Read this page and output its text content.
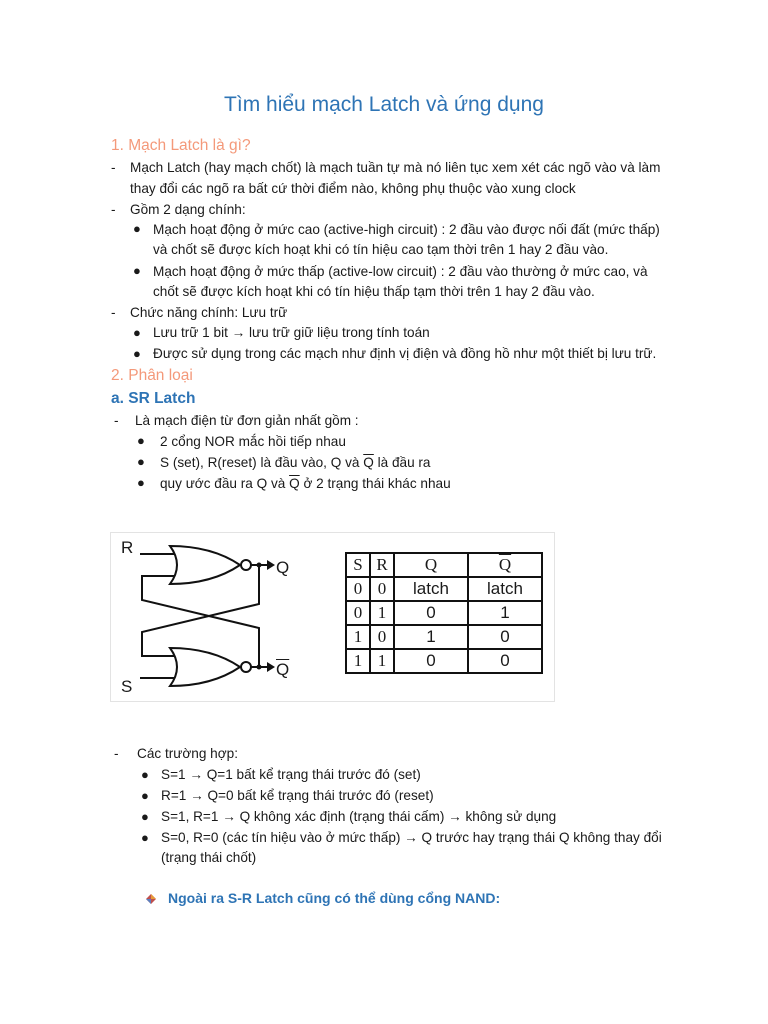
Tìm hiểu mạch Latch và ứng dụng
1. Mạch Latch là gì?
- Mạch Latch (hay mạch chốt) là mạch tuần tự mà nó liên tục xem xét các ngõ vào và làm
thay đổi các ngõ ra bất cứ thời điểm nào, không phụ thuộc vào xung clock
- Gồm 2 dạng chính:
● Mạch hoạt động ở mức cao (active-high circuit) : 2 đầu vào được nối đất (mức thấp)
và chốt sẽ được kích hoạt khi có tín hiệu cao tạm thời trên 1 hay 2 đầu vào.
● Mạch hoạt động ở mức thấp (active-low circuit) : 2 đầu vào thường ở mức cao, và
chốt sẽ được kích hoạt khi có tín hiệu thấp tạm thời trên 1 hay 2 đầu vào.
- Chức năng chính: Lưu trữ
● Lưu trữ 1 bit → lưu trữ giữ liệu trong tính toán
● Được sử dụng trong các mạch như định vị điện và đồng hồ như một thiết bị lưu trữ.
2. Phân loại
a. SR Latch
- Là mạch điện từ đơn giản nhất gồm :
● 2 cổng NOR mắc hồi tiếp nhau
● S (set), R(reset) là đầu vào, Q và $\overline{Q}$ là đầu ra
● quy ước đầu ra Q và $\overline{Q}$ ở 2 trạng thái khác nhau
R
S
Q
$\overline{Q}$
S	R	Q	$\overline{Q}$
0	0	latch	latch
0	1	0	1
1	0	1	0
1	1	0	0
- Các trường hợp:
● S=1 → Q=1 bất kể trạng thái trước đó (set)
● R=1 → Q=0 bất kể trạng thái trước đó (reset)
● S=1, R=1 → Q không xác định (trạng thái cấm) → không sử dụng
● S=0, R=0 (các tín hiệu vào ở mức thấp) → Q trước hay trạng thái Q không thay đổi
(trạng thái chốt)
Ngoài ra S-R Latch cũng có thể dùng cổng NAND:
